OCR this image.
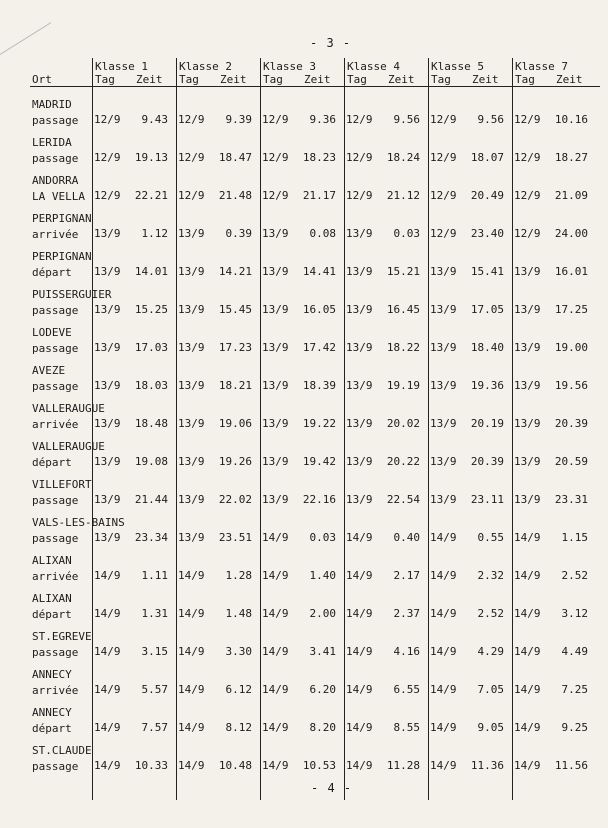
- 3 -
Ort
Klasse 1
Tag Zeit
Klasse 2
Tag Zeit
Klasse 3
Tag Zeit
Klasse 4
Tag Zeit
Klasse 5
Tag Zeit
Klasse 7
Tag Zeit
MADRID
passage 12/9 9.43 12/9 9.39 12/9 9.36 12/9 9.56 12/9 9.56 12/9 10.16
LERIDA
passage 12/9 19.13 12/9 18.47 12/9 18.23 12/9 18.24 12/9 18.07 12/9 18.27
ANDORRA
LA VELLA 12/9 22.21 12/9 21.48 12/9 21.17 12/9 21.12 12/9 20.49 12/9 21.09
PERPIGNAN
arrivée 13/9 1.12 13/9 0.39 13/9 0.08 13/9 0.03 12/9 23.40 12/9 24.00
PERPIGNAN
départ 13/9 14.01 13/9 14.21 13/9 14.41 13/9 15.21 13/9 15.41 13/9 16.01
PUISSERGUIER
passage 13/9 15.25 13/9 15.45 13/9 16.05 13/9 16.45 13/9 17.05 13/9 17.25
LODEVE
passage 13/9 17.03 13/9 17.23 13/9 17.42 13/9 18.22 13/9 18.40 13/9 19.00
AVEZE
passage 13/9 18.03 13/9 18.21 13/9 18.39 13/9 19.19 13/9 19.36 13/9 19.56
VALLERAUGUE
arrivée 13/9 18.48 13/9 19.06 13/9 19.22 13/9 20.02 13/9 20.19 13/9 20.39
VALLERAUGUE
départ 13/9 19.08 13/9 19.26 13/9 19.42 13/9 20.22 13/9 20.39 13/9 20.59
VILLEFORT
passage 13/9 21.44 13/9 22.02 13/9 22.16 13/9 22.54 13/9 23.11 13/9 23.31
VALS-LES-BAINS
passage 13/9 23.34 13/9 23.51 14/9 0.03 14/9 0.40 14/9 0.55 14/9 1.15
ALIXAN
arrivée 14/9 1.11 14/9 1.28 14/9 1.40 14/9 2.17 14/9 2.32 14/9 2.52
ALIXAN
départ 14/9 1.31 14/9 1.48 14/9 2.00 14/9 2.37 14/9 2.52 14/9 3.12
ST.EGREVE
passage 14/9 3.15 14/9 3.30 14/9 3.41 14/9 4.16 14/9 4.29 14/9 4.49
ANNECY
arrivée 14/9 5.57 14/9 6.12 14/9 6.20 14/9 6.55 14/9 7.05 14/9 7.25
ANNECY
départ 14/9 7.57 14/9 8.12 14/9 8.20 14/9 8.55 14/9 9.05 14/9 9.25
ST.CLAUDE
passage 14/9 10.33 14/9 10.48 14/9 10.53 14/9 11.28 14/9 11.36 14/9 11.56
- 4 -
